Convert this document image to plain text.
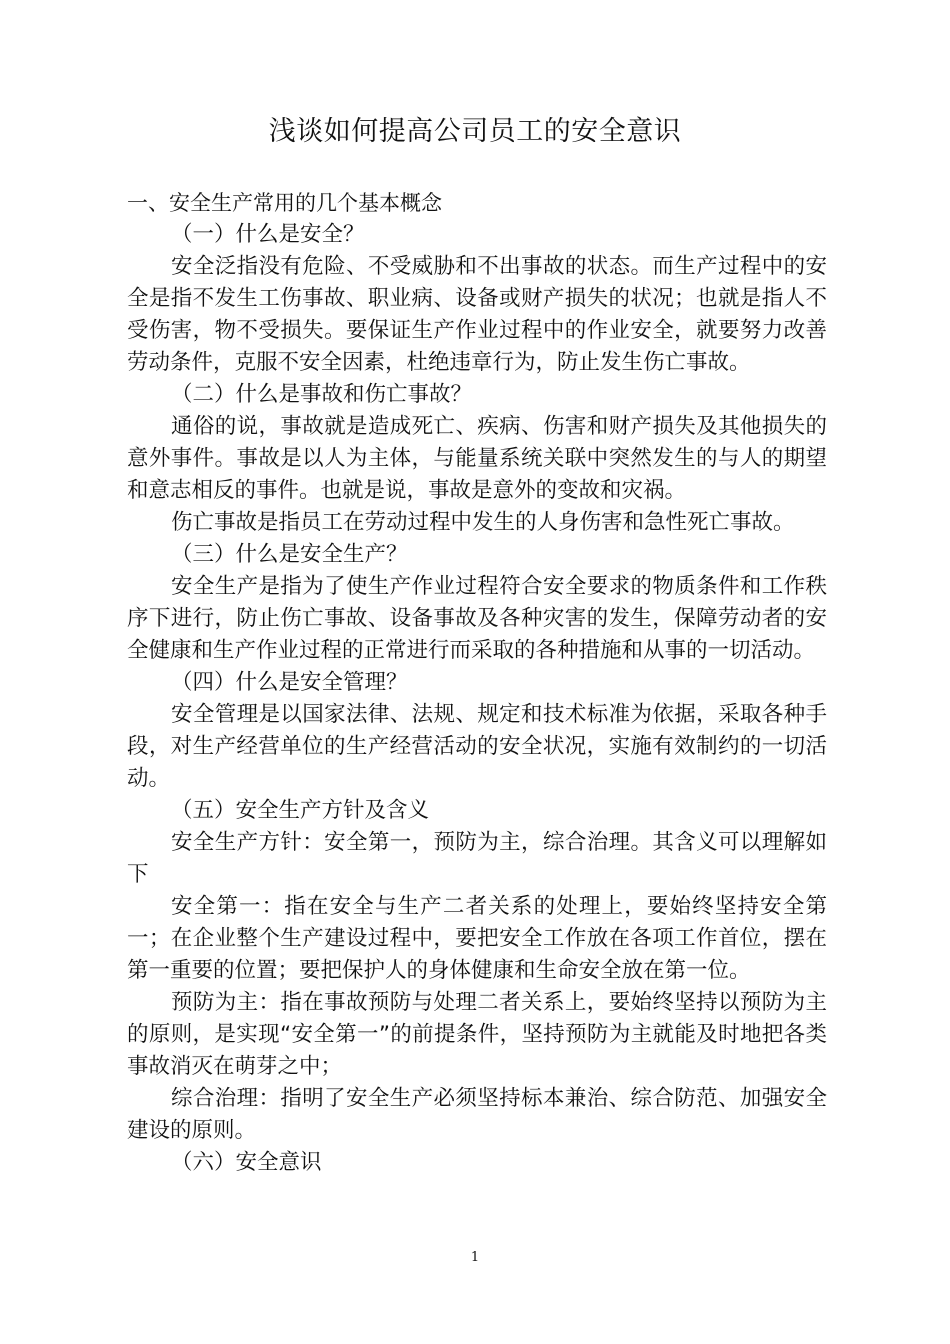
浅谈如何提高公司员工的安全意识

一、安全生产常用的几个基本概念

（一）什么是安全？

安全泛指没有危险、不受威胁和不出事故的状态。而生产过程中的安全是指不发生工伤事故、职业病、设备或财产损失的状况；也就是指人不受伤害，物不受损失。要保证生产作业过程中的作业安全，就要努力改善劳动条件，克服不安全因素，杜绝违章行为，防止发生伤亡事故。

（二）什么是事故和伤亡事故？

通俗的说，事故就是造成死亡、疾病、伤害和财产损失及其他损失的意外事件。事故是以人为主体，与能量系统关联中突然发生的与人的期望和意志相反的事件。也就是说，事故是意外的变故和灾祸。

伤亡事故是指员工在劳动过程中发生的人身伤害和急性死亡事故。

（三）什么是安全生产？

安全生产是指为了使生产作业过程符合安全要求的物质条件和工作秩序下进行，防止伤亡事故、设备事故及各种灾害的发生，保障劳动者的安全健康和生产作业过程的正常进行而采取的各种措施和从事的一切活动。

（四）什么是安全管理？

安全管理是以国家法律、法规、规定和技术标准为依据，采取各种手段，对生产经营单位的生产经营活动的安全状况，实施有效制约的一切活动。

（五）安全生产方针及含义

安全生产方针：安全第一，预防为主，综合治理。其含义可以理解如下

安全第一：指在安全与生产二者关系的处理上，要始终坚持安全第一；在企业整个生产建设过程中，要把安全工作放在各项工作首位，摆在第一重要的位置；要把保护人的身体健康和生命安全放在第一位。

预防为主：指在事故预防与处理二者关系上，要始终坚持以预防为主的原则，是实现“安全第一”的前提条件，坚持预防为主就能及时地把各类事故消灭在萌芽之中；

综合治理：指明了安全生产必须坚持标本兼治、综合防范、加强安全建设的原则。

（六）安全意识

1
